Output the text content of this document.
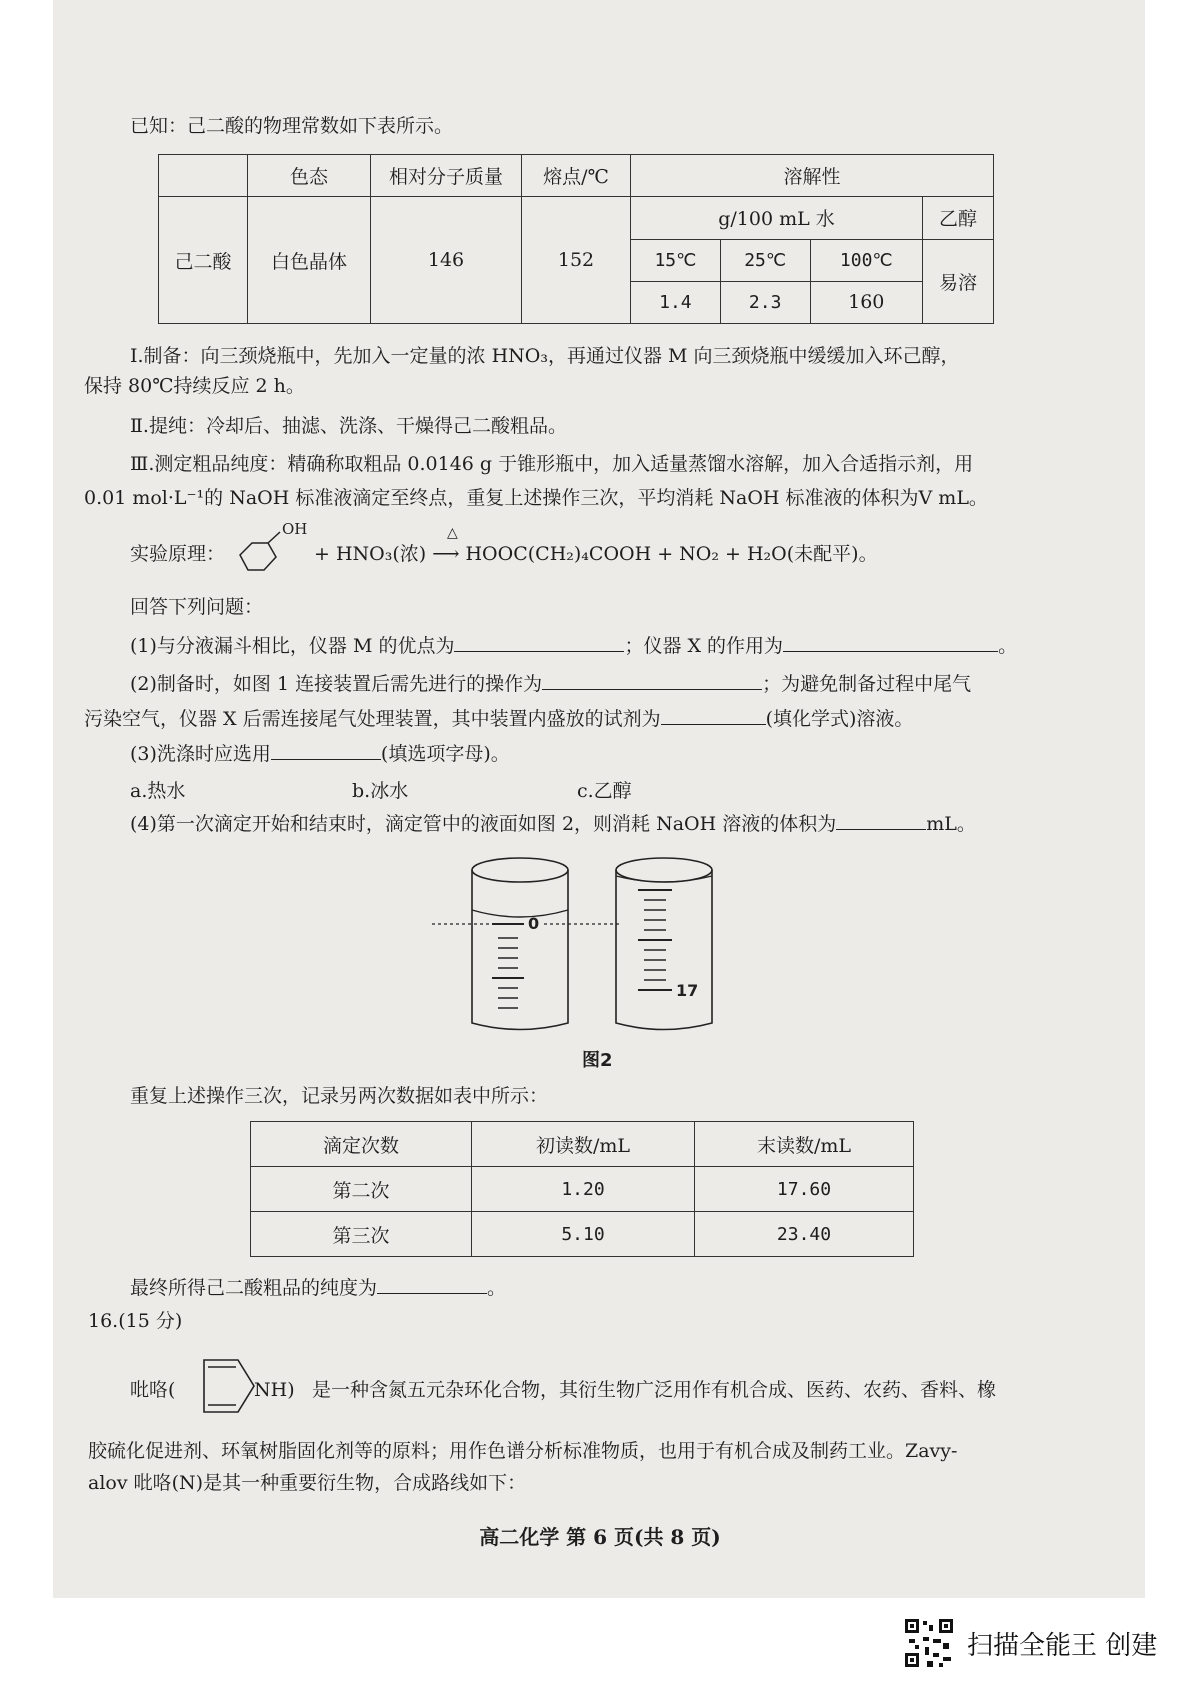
已知：己二酸的物理常数如下表所示。
	色态	相对分子质量	熔点/℃	溶解性			
己二酸	白色晶体	146	152	g/100 mL 水			乙醇
				15℃	25℃	100℃	易溶
				1.4	2.3	160	
Ⅰ.制备：向三颈烧瓶中，先加入一定量的浓 HNO₃，再通过仪器 M 向三颈烧瓶中缓缓加入环己醇，
保持 80℃持续反应 2 h。
Ⅱ.提纯：冷却后、抽滤、洗涤、干燥得己二酸粗品。
Ⅲ.测定粗品纯度：精确称取粗品 0.0146 g 于锥形瓶中，加入适量蒸馏水溶解，加入合适指示剂，用
0.01 mol·L⁻¹的 NaOH 标准液滴定至终点，重复上述操作三次，平均消耗 NaOH 标准液的体积为V mL。
实验原理：
OH
+ HNO₃(浓) ⟶ HOOC(CH₂)₄COOH + NO₂ + H₂O(未配平)。
△
回答下列问题：
(1)与分液漏斗相比，仪器 M 的优点为	；仪器 X 的作用为	。
(2)制备时，如图 1 连接装置后需先进行的操作为	；为避免制备过程中尾气
污染空气，仪器 X 后需连接尾气处理装置，其中装置内盛放的试剂为	(填化学式)溶液。
(3)洗涤时应选用	(填选项字母)。
a.热水	b.冰水	c.乙醇
(4)第一次滴定开始和结束时，滴定管中的液面如图 2，则消耗 NaOH 溶液的体积为	mL。
0
17
图2
重复上述操作三次，记录另两次数据如表中所示：
滴定次数	初读数/mL	末读数/mL
第二次	1.20	17.60
第三次	5.10	23.40
最终所得己二酸粗品的纯度为	。
16.(15 分)
吡咯(	NH) 是一种含氮五元杂环化合物，其衍生物广泛用作有机合成、医药、农药、香料、橡
胶硫化促进剂、环氧树脂固化剂等的原料；用作色谱分析标准物质，也用于有机合成及制药工业。Zavy-
alov 吡咯(N)是其一种重要衍生物，合成路线如下：
高二化学 第 6 页(共 8 页)
扫描全能王 创建
